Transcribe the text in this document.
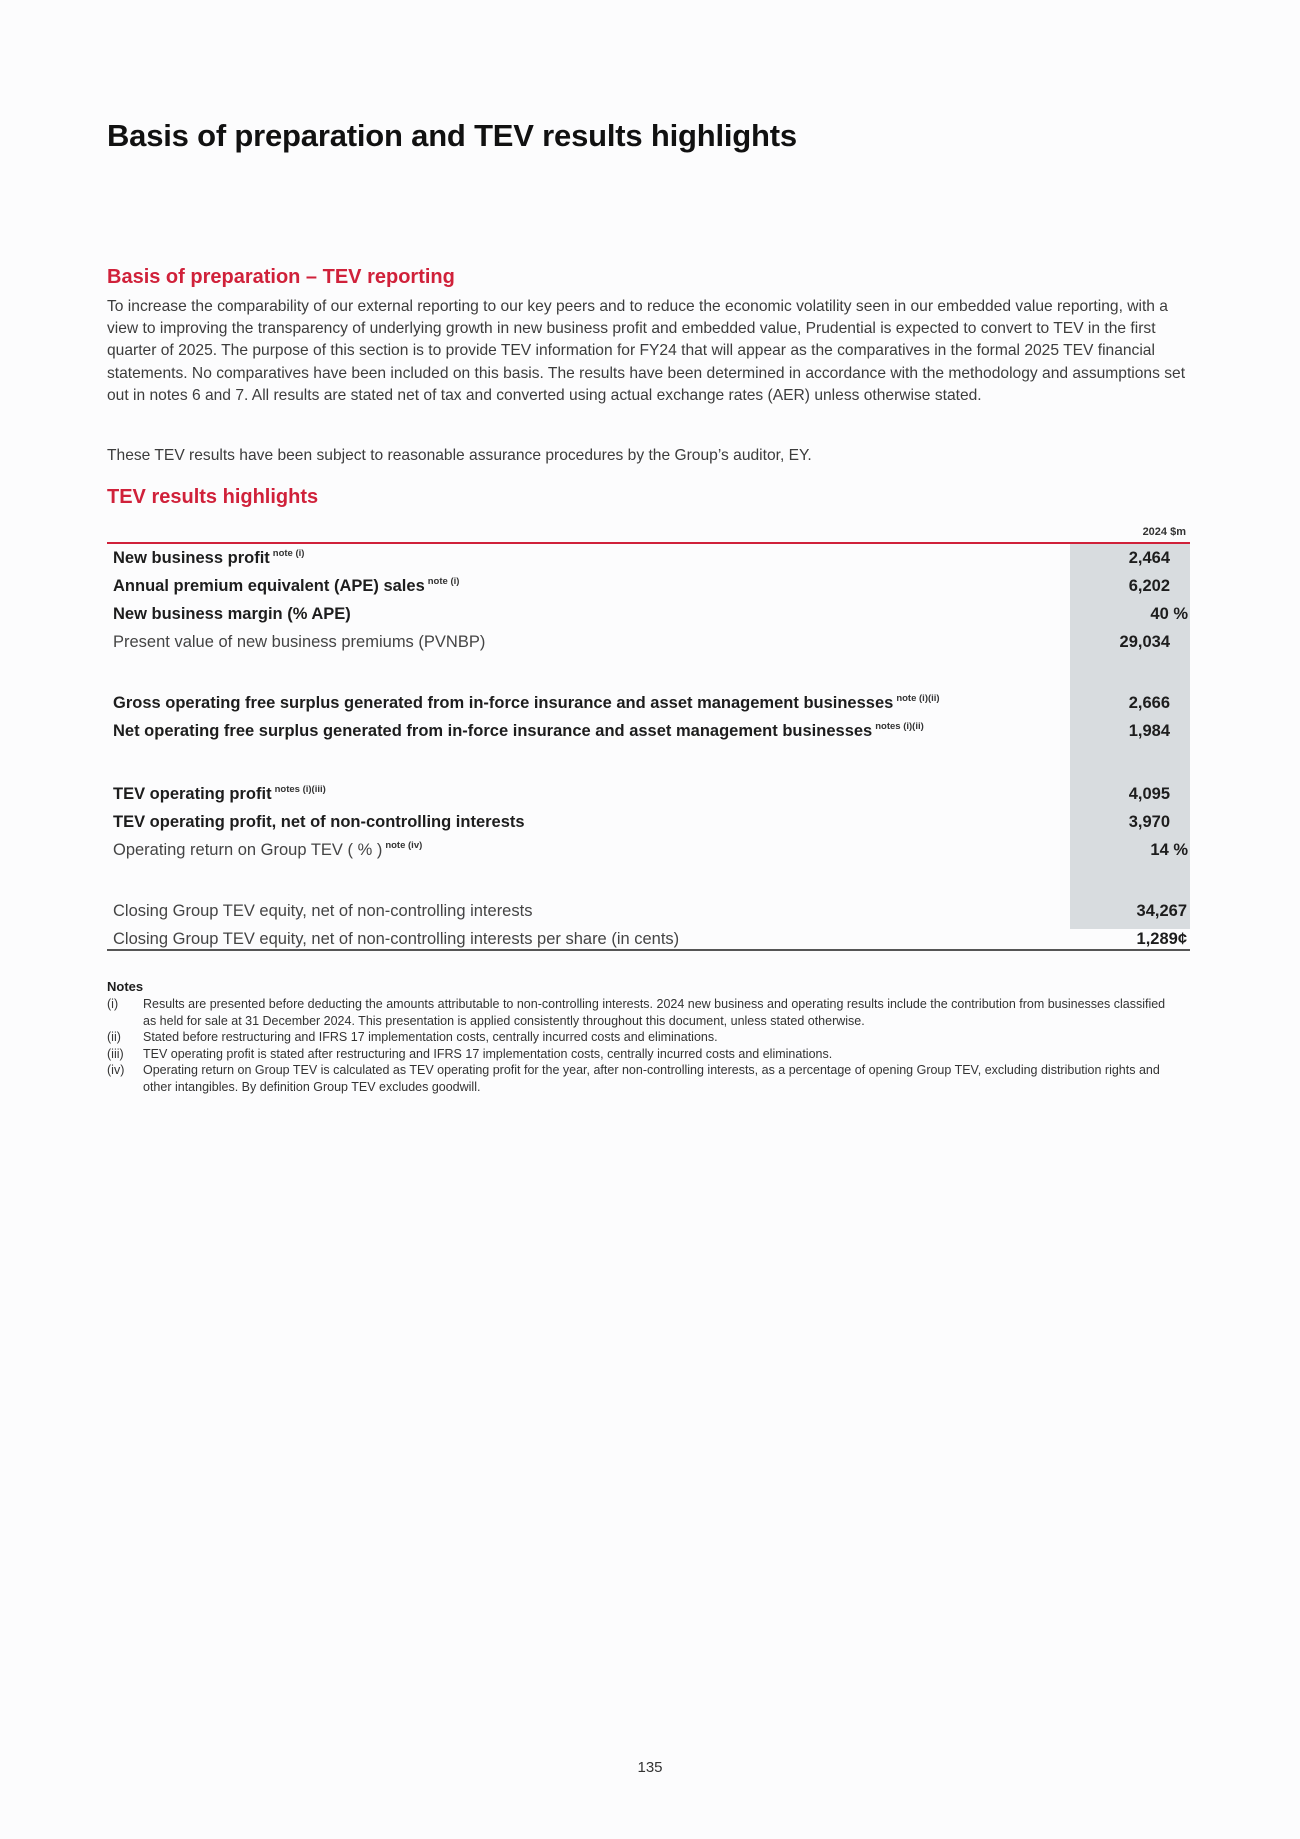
Basis of preparation and TEV results highlights
Basis of preparation – TEV reporting

To increase the comparability of our external reporting to our key peers and to reduce the economic volatility seen in our embedded value reporting, with a view to improving the transparency of underlying growth in new business profit and embedded value, Prudential is expected to convert to TEV in the first quarter of 2025. The purpose of this section is to provide TEV information for FY24 that will appear as the comparatives in the formal 2025 TEV financial statements. No comparatives have been included on this basis. The results have been determined in accordance with the methodology and assumptions set out in notes 6 and 7. All results are stated net of tax and converted using actual exchange rates (AER) unless otherwise stated.

These TEV results have been subject to reasonable assurance procedures by the Group’s auditor, EY.

TEV results highlights
2024 $m
New business profit $^{note (i)}$	2,464
Annual premium equivalent (APE) sales $^{note (i)}$	6,202
New business margin (% APE)	40 %
Present value of new business premiums (PVNBP)	29,034
Gross operating free surplus generated from in-force insurance and asset management businesses $^{note (i)(ii)}$	2,666
Net operating free surplus generated from in-force insurance and asset management businesses $^{notes (i)(ii)}$	1,984
TEV operating profit $^{notes (i)(iii)}$	4,095
TEV operating profit, net of non-controlling interests	3,970
Operating return on Group TEV ( % ) $^{note (iv)}$	14 %
Closing Group TEV equity, net of non-controlling interests	34,267
Closing Group TEV equity, net of non-controlling interests per share (in cents)	1,289¢
Notes
(i)	Results are presented before deducting the amounts attributable to non-controlling interests. 2024 new business and operating results include the contribution from businesses classified as held for sale at 31 December 2024. This presentation is applied consistently throughout this document, unless stated otherwise.
(ii)	Stated before restructuring and IFRS 17 implementation costs, centrally incurred costs and eliminations.
(iii)	TEV operating profit is stated after restructuring and IFRS 17 implementation costs, centrally incurred costs and eliminations.
(iv)	Operating return on Group TEV is calculated as TEV operating profit for the year, after non-controlling interests, as a percentage of opening Group TEV, excluding distribution rights and other intangibles. By definition Group TEV excludes goodwill.
135
